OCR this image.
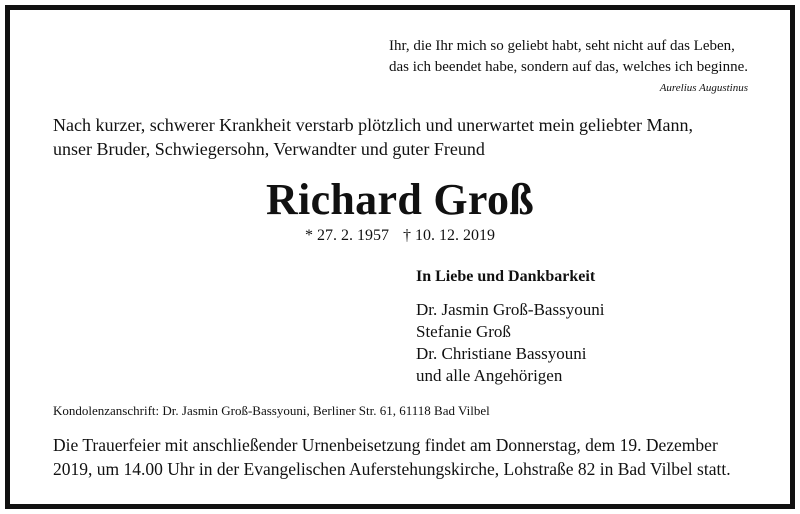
Ihr, die Ihr mich so geliebt habt, seht nicht auf das Leben,
das ich beendet habe, sondern auf das, welches ich beginne.
Aurelius Augustinus
Nach kurzer, schwerer Krankheit verstarb plötzlich und unerwartet mein geliebter Mann,
unser Bruder, Schwiegersohn, Verwandter und guter Freund
Richard Groß
* 27. 2. 1957 † 10. 12. 2019
In Liebe und Dankbarkeit
Dr. Jasmin Groß-Bassyouni
Stefanie Groß
Dr. Christiane Bassyouni
und alle Angehörigen
Kondolenzanschrift: Dr. Jasmin Groß-Bassyouni, Berliner Str. 61, 61118 Bad Vilbel
Die Trauerfeier mit anschließender Urnenbeisetzung findet am Donnerstag, dem 19. Dezember
2019, um 14.00 Uhr in der Evangelischen Auferstehungskirche, Lohstraße 82 in Bad Vilbel statt.
